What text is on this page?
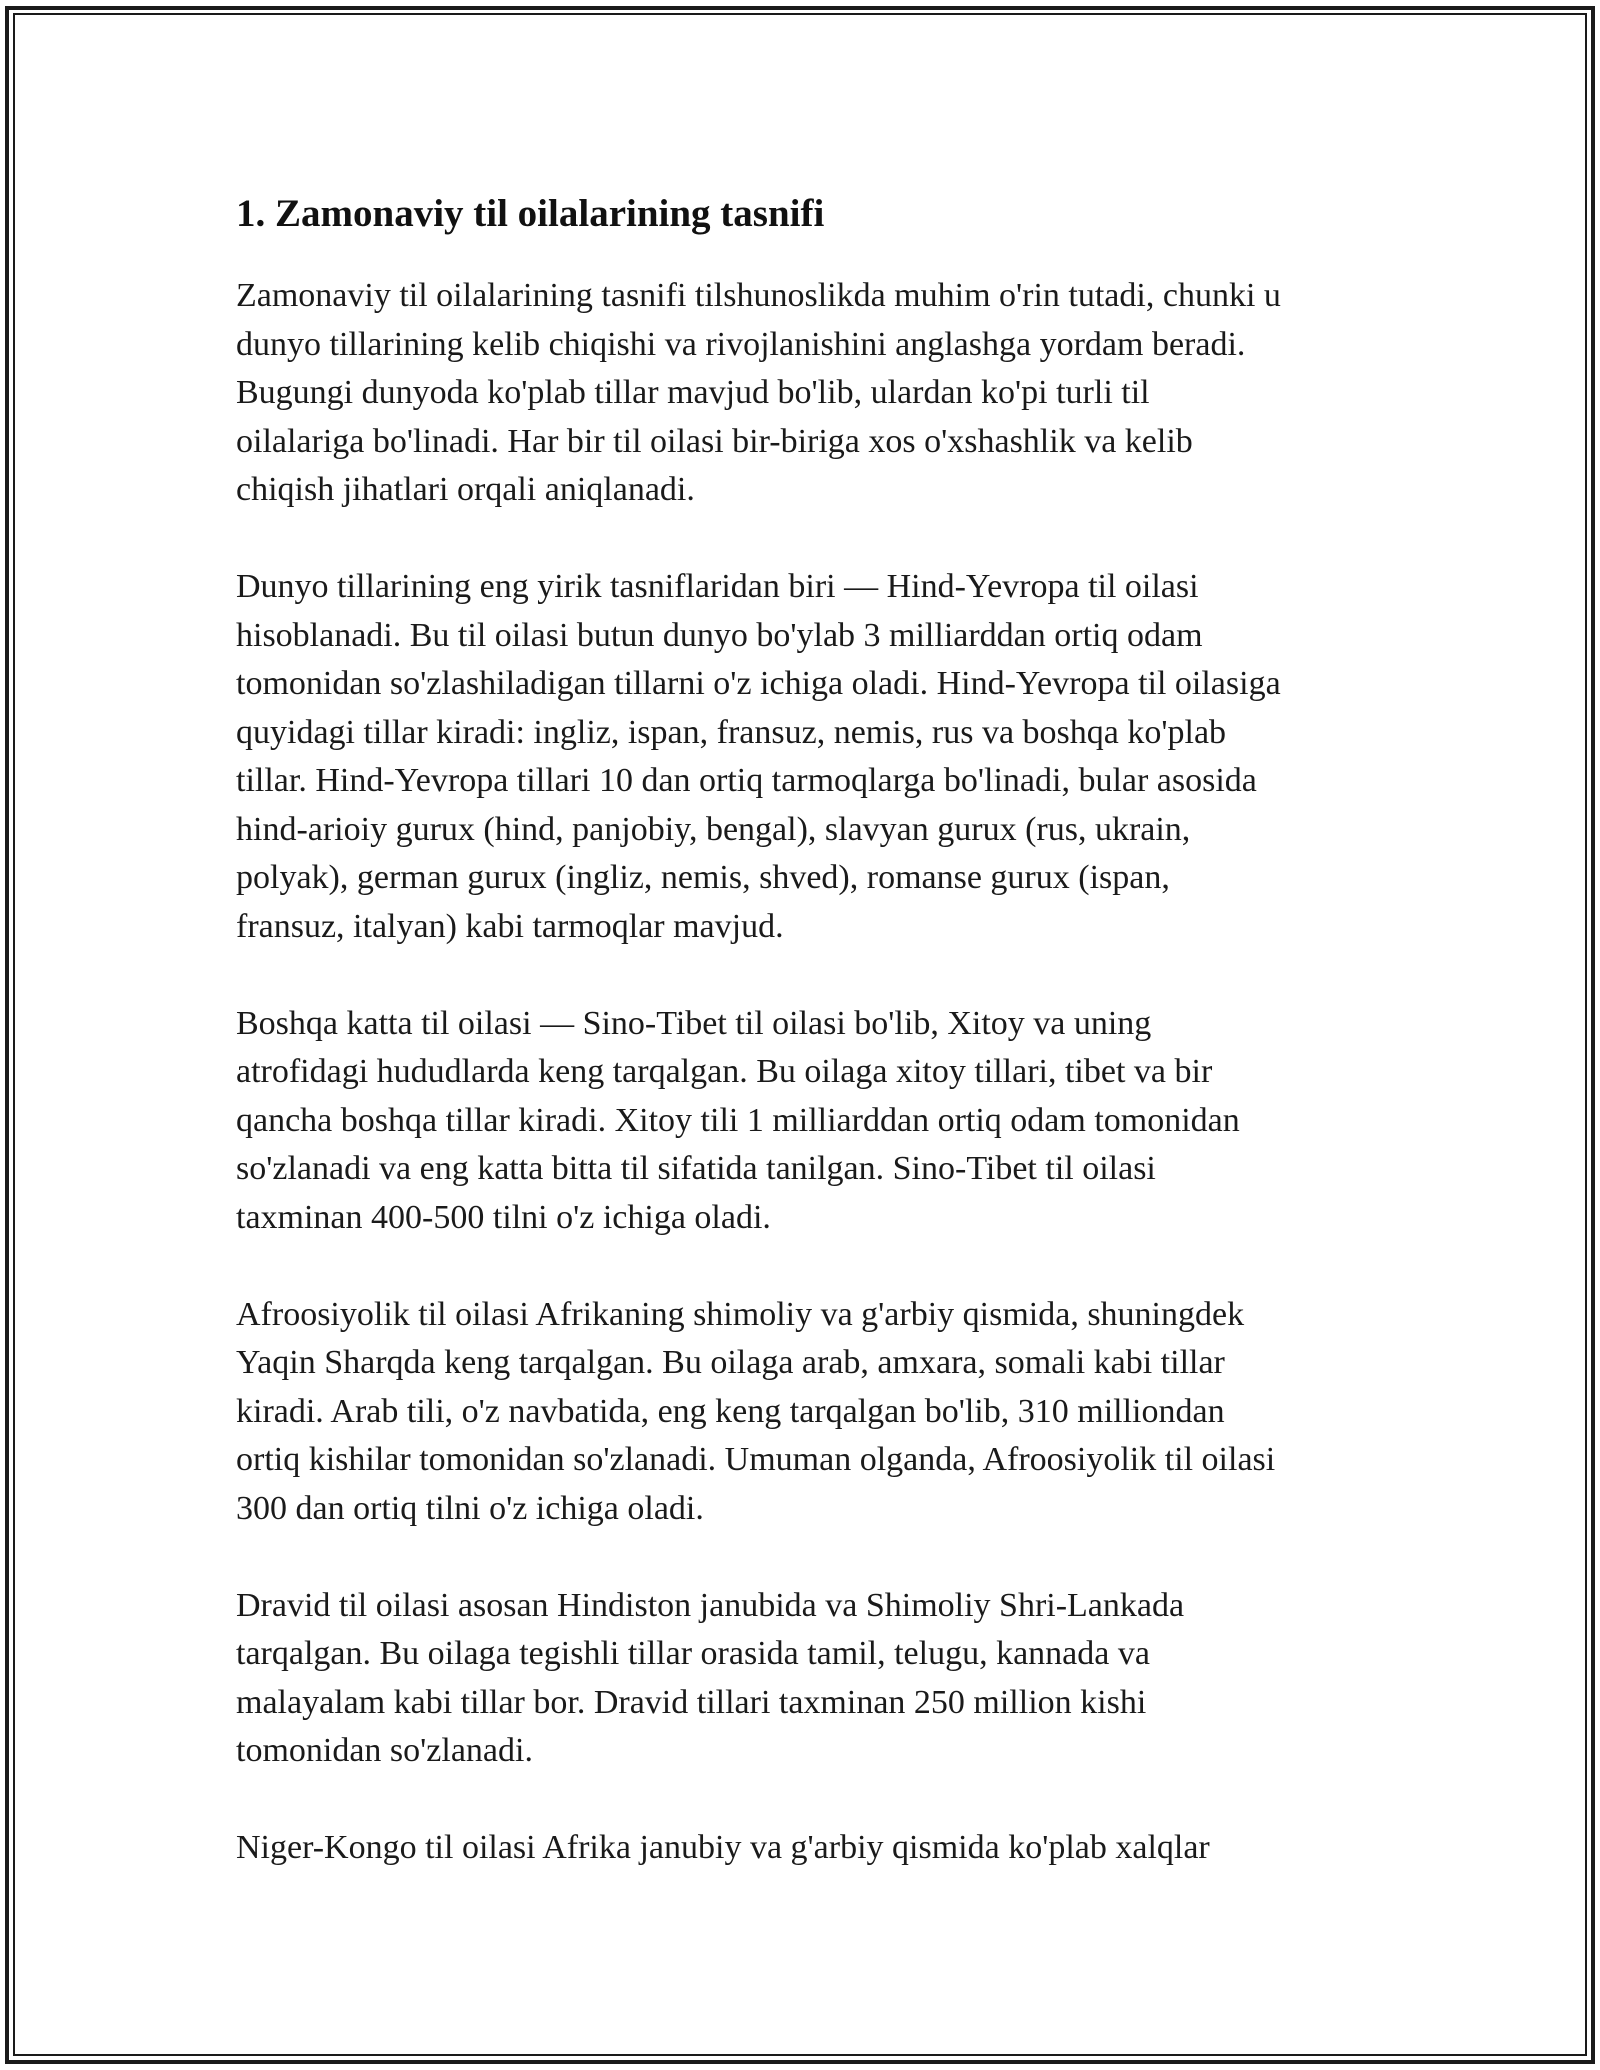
1. Zamonaviy til oilalarining tasnifi

Zamonaviy til oilalarining tasnifi tilshunoslikda muhim o'rin tutadi, chunki u
dunyo tillarining kelib chiqishi va rivojlanishini anglashga yordam beradi.
Bugungi dunyoda ko'plab tillar mavjud bo'lib, ulardan ko'pi turli til
oilalariga bo'linadi. Har bir til oilasi bir-biriga xos o'xshashlik va kelib
chiqish jihatlari orqali aniqlanadi.

Dunyo tillarining eng yirik tasniflaridan biri — Hind-Yevropa til oilasi
hisoblanadi. Bu til oilasi butun dunyo bo'ylab 3 milliarddan ortiq odam
tomonidan so'zlashiladigan tillarni o'z ichiga oladi. Hind-Yevropa til oilasiga
quyidagi tillar kiradi: ingliz, ispan, fransuz, nemis, rus va boshqa ko'plab
tillar. Hind-Yevropa tillari 10 dan ortiq tarmoqlarga bo'linadi, bular asosida
hind-arioiy gurux (hind, panjobiy, bengal), slavyan gurux (rus, ukrain,
polyak), german gurux (ingliz, nemis, shved), romanse gurux (ispan,
fransuz, italyan) kabi tarmoqlar mavjud.

Boshqa katta til oilasi — Sino-Tibet til oilasi bo'lib, Xitoy va uning
atrofidagi hududlarda keng tarqalgan. Bu oilaga xitoy tillari, tibet va bir
qancha boshqa tillar kiradi. Xitoy tili 1 milliarddan ortiq odam tomonidan
so'zlanadi va eng katta bitta til sifatida tanilgan. Sino-Tibet til oilasi
taxminan 400-500 tilni o'z ichiga oladi.

Afroosiyolik til oilasi Afrikaning shimoliy va g'arbiy qismida, shuningdek
Yaqin Sharqda keng tarqalgan. Bu oilaga arab, amxara, somali kabi tillar
kiradi. Arab tili, o'z navbatida, eng keng tarqalgan bo'lib, 310 milliondan
ortiq kishilar tomonidan so'zlanadi. Umuman olganda, Afroosiyolik til oilasi
300 dan ortiq tilni o'z ichiga oladi.

Dravid til oilasi asosan Hindiston janubida va Shimoliy Shri-Lankada
tarqalgan. Bu oilaga tegishli tillar orasida tamil, telugu, kannada va
malayalam kabi tillar bor. Dravid tillari taxminan 250 million kishi
tomonidan so'zlanadi.

Niger-Kongo til oilasi Afrika janubiy va g'arbiy qismida ko'plab xalqlar
